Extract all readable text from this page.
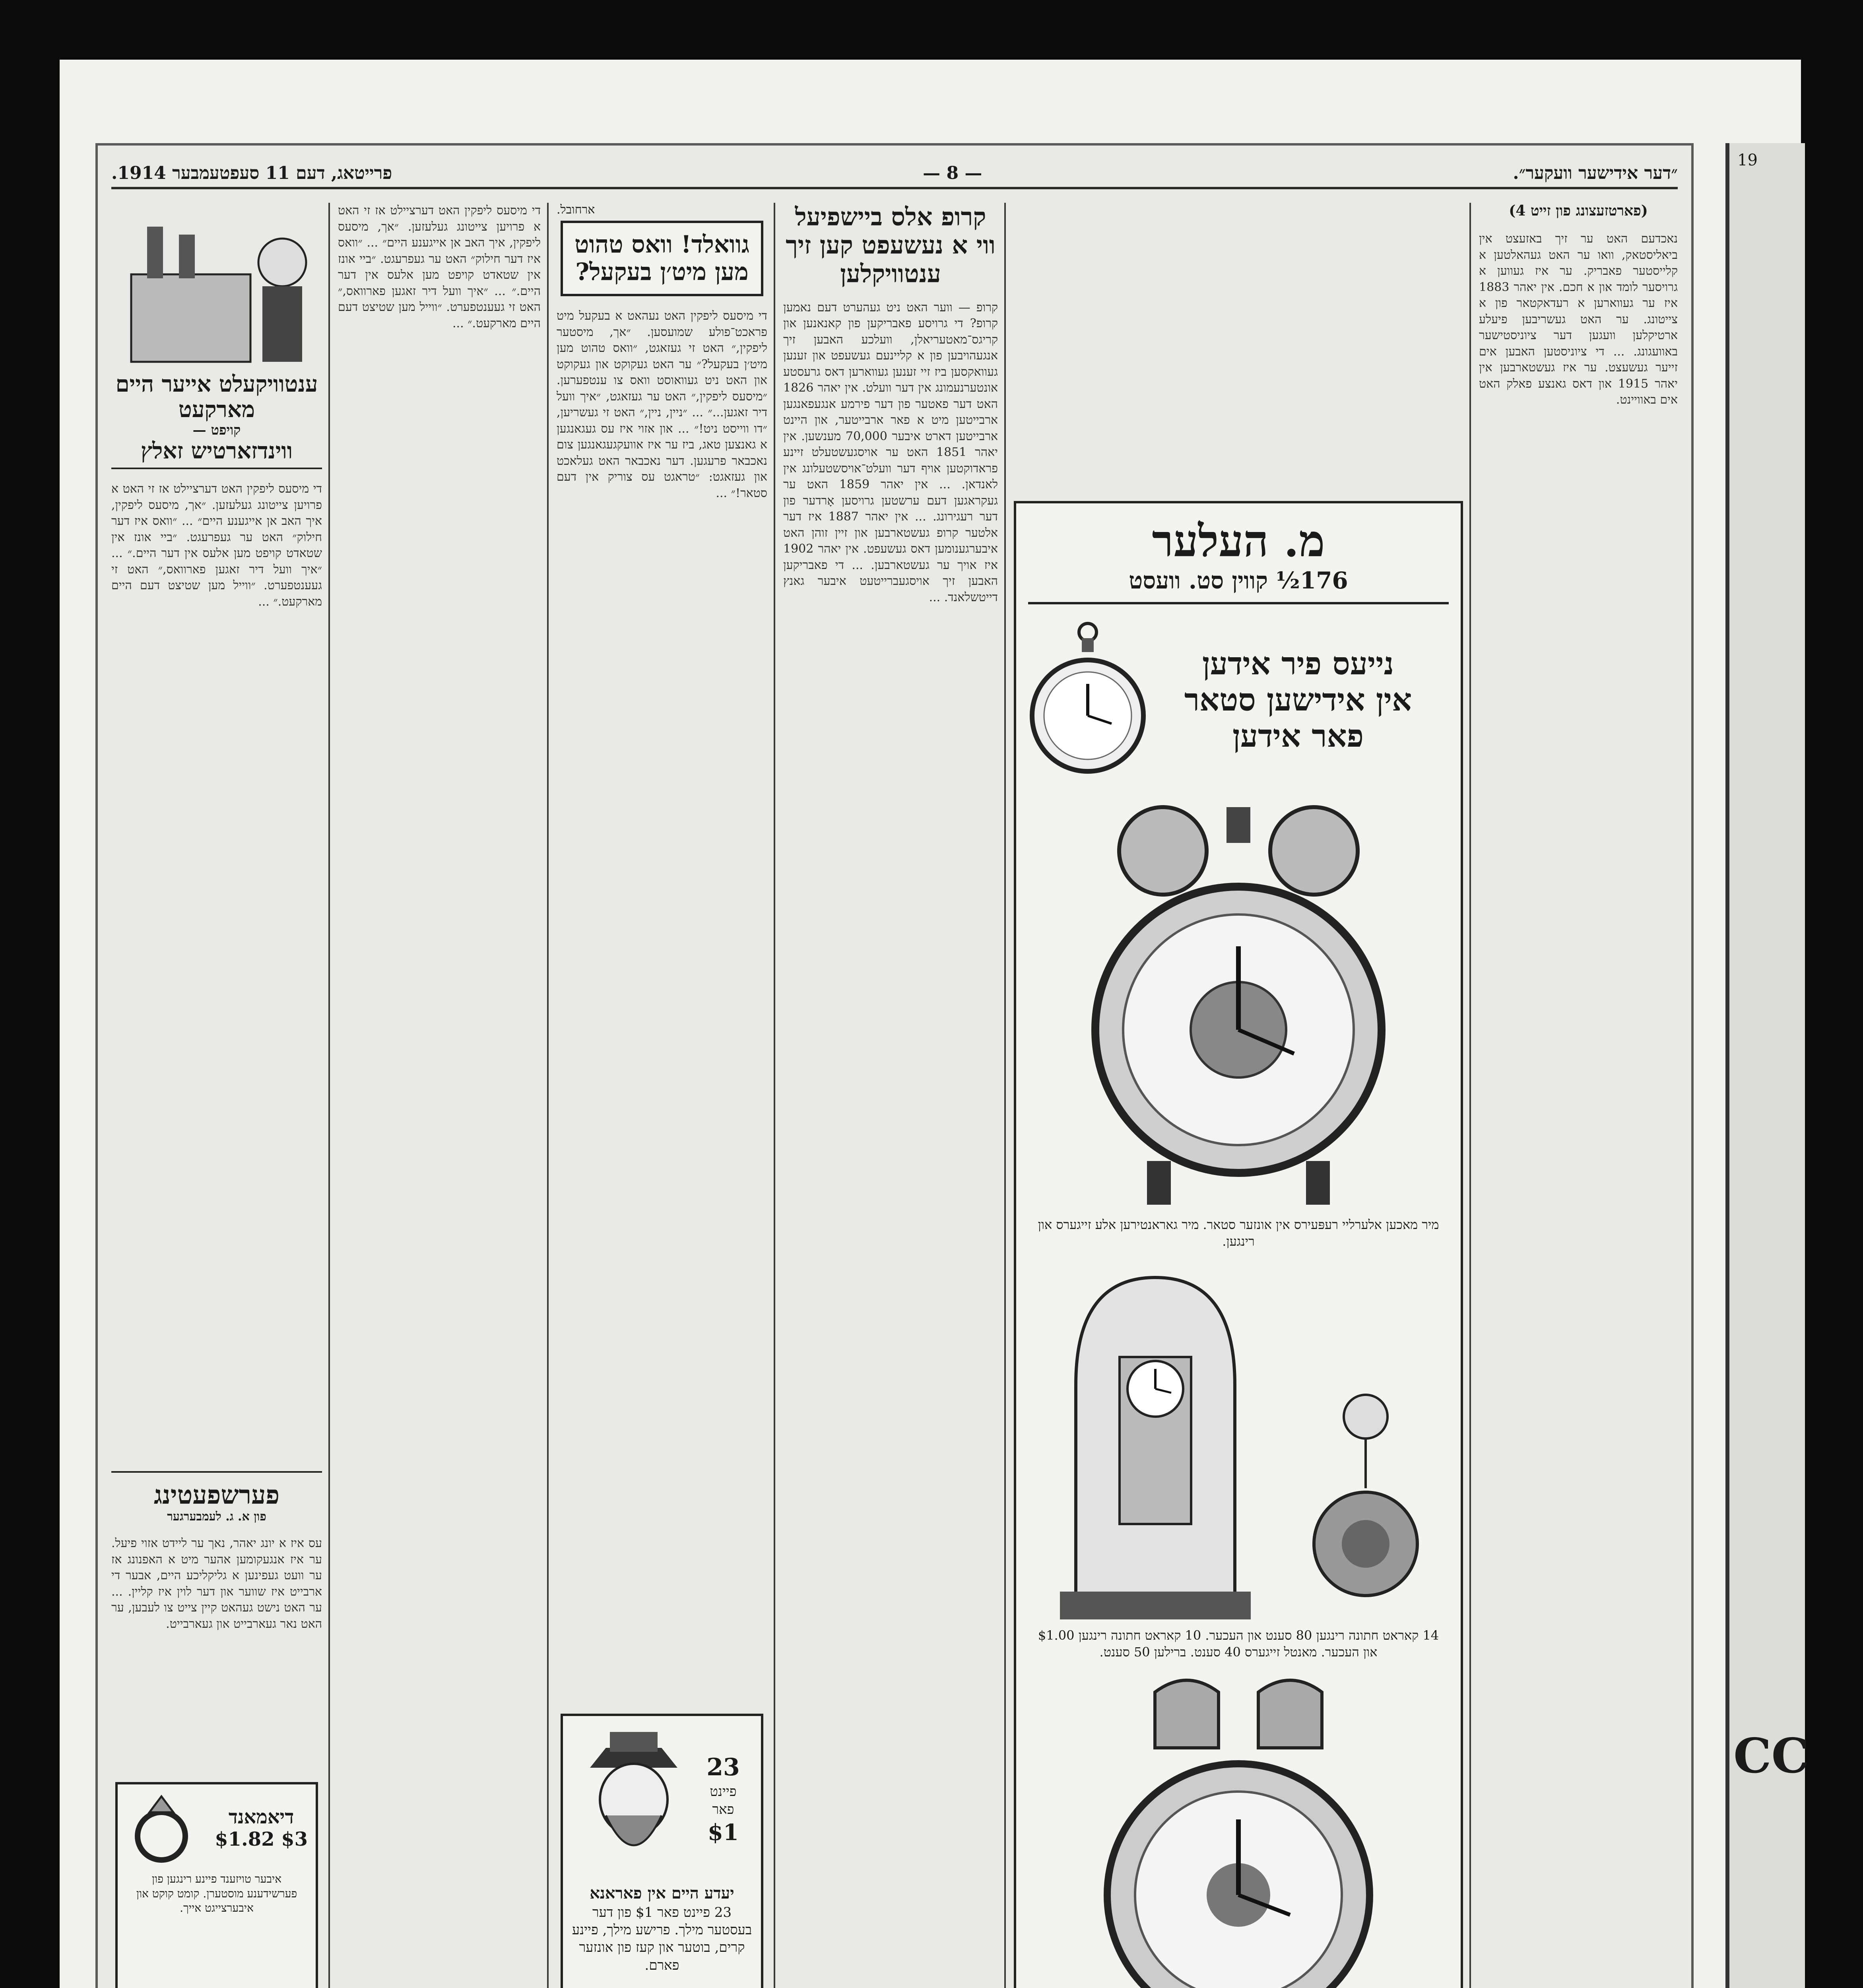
״דער אידישער וועקער״.
— 8 —
פרייטאג, דעם 11 סעפטעמבער 1914.
(פארטזעצונג פון זייט 4)
נאכדעם האט ער זיך באזעצט אין ביאליסטאק, וואו ער האט געהאלטען א קלייסטער פאבריק. ער איז געווען א גרויסער לומד און א חכם. אין יאהר 1883 איז ער געווארען א רעדאקטאר פון א צייטונג. ער האט געשריבען פיעלע ארטיקלען וועגען דער ציוניסטישער באוועגונג. ... די ציוניסטען האבען אים זייער געשעצט. ער איז געשטארבען אין יאהר 1915 און דאס גאנצע פאלק האט אים באוויינט.
מ. העלער
176½ קווין סט. וועסט
נייעס פיר אידען
אין אידישען סטאר
פאר אידען
מיר מאכען אלערליי רעפּעירס אין אונזער סטאר. מיר גאראנטירען אלע זייגערס און רינגען.
14 קאראט חתונה רינגען 80 סענט און העכער. 10 קאראט חתונה רינגען $1.00 און העכער. מאנטל זייגערס 40 סענט. ברילען 50 סענט.
קרופ אלס ביישפיעל ווי א נעשעפט קען זיך ענטוויקלען
קרופ — ווער האט ניט געהערט דעם נאמען קרופ? די גרויסע פאבריקען פון קאנאנען און קריגס־מאטעריאלן, וועלכע האבען זיך אנגעהויבען פון א קליינעם געשעפט און זענען געוואקסען ביז זיי זענען געווארען דאס גרעסטע אונטערנעמונג אין דער וועלט. אין יאהר 1826 האט דער פאטער פון דער פירמע אנגעפאנגען ארבייטען מיט א פאר ארבייטער, און היינט ארבייטען דארט איבער 70,000 מענשען. אין יאהר 1851 האט ער אויסגעשטעלט זיינע פראדוקטען אויף דער וועלט־אויסשטעלונג אין לאנדאן. ... אין יאהר 1859 האט ער געקראגען דעם ערשטען גרויסען אָרדער פון דער רעגירונג. ... אין יאהר 1887 איז דער אלטער קרופ געשטארבען און זיין זוהן האט איבערגענומען דאס געשעפט. אין יאהר 1902 איז אויך ער געשטארבען. ... די פאבריקען האבען זיך אויסגעברייטעט איבער גאנץ דייטשלאנד. ...
ארחובל.
גוואלד! וואס טהוט מען מיט׳ן בעקעל?
די מיסעס ליפקין האט נעהאט א בעקעל מיט פראכט־פולע שמועסען. ״אך, מיסטער ליפקין,״ האט זי געזאגט, ״וואס טהוט מען מיט׳ן בעקעל?״ ער האט געקוקט און געקוקט און האט ניט געוואוסט וואס צו ענטפערען. ״מיסעס ליפקין,״ האט ער געזאגט, ״איך וועל דיר זאגען...״ ... ״ניין, ניין,״ האט זי געשריען, ״דו ווייסט ניט!״ ... און אזוי איז עס געגאנגען א גאנצען טאג, ביז ער איז אוועקגעגאנגען צום נאכבאר פרעגען. דער נאכבאר האט געלאכט און געזאגט: ״טראגט עס צוריק אין דעם סטאר!״ ...
23
פיינט
פאר
$1
יעדע היים אין פאראנא
23 פיינט פאר $1 פון דער בעסטער מילך. פרישע מילך, פיינע קרים, בוטער און קעז פון אונזער פארם.
די מיסעס ליפקין האט דערציילט אז זי האט א פרויען צייטונג געלעזען. ״אך, מיסעס ליפקין, איך האב אן אייגענע היים״ ... ״וואס איז דער חילוק״ האט ער געפרעגט. ״ביי אונז אין שטאדט קויפט מען אלעס אין דער היים.״ ... ״איך וועל דיר זאגען פארוואס,״ האט זי געענטפערט. ״ווייל מען שטיצט דעם היים מארקעט.״ ...
ענטוויקעלט אייער היים מארקעט
קויפט —
ווינדזארטיש זאלץ
די מיסעס ליפקין האט דערציילט אז זי האט א פרויען צייטונג געלעזען. ״אך, מיסעס ליפקין, איך האב אן אייגענע היים״ ... ״וואס איז דער חילוק״ האט ער געפרעגט. ״ביי אונז אין שטאדט קויפט מען אלעס אין דער היים.״ ... ״איך וועל דיר זאגען פארוואס,״ האט זי געענטפערט. ״ווייל מען שטיצט דעם היים מארקעט.״ ...
פערשפעטינג
פון א. ג. לעמבערגער
עס איז א יונג יאהר, נאך ער ליידט אזוי פיעל. ער איז אנגעקומען אהער מיט א האפנונג אז ער וועט געפינען א גליקליכע היים, אבער די ארבייט איז שווער און דער לוין איז קליין. ... ער האט נישט געהאט קיין צייט צו לעבען, ער האט נאר געארבייט און געארבייט.
דיאמאנד
$1.82 $3
איבער טויזענד פיינע רינגען פון פערשידענע מוסטערן. קומט קוקט און איבערצייגט אייך.
19
CC
